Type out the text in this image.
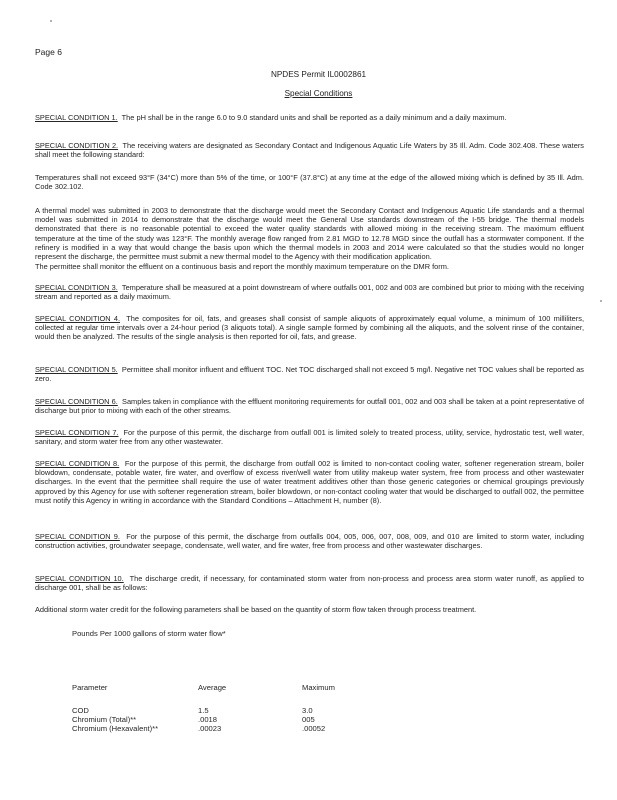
Page 6
NPDES Permit IL0002861
Special Conditions

SPECIAL CONDITION 1. The pH shall be in the range 6.0 to 9.0 standard units and shall be reported as a daily minimum and a daily maximum.

SPECIAL CONDITION 2. The receiving waters are designated as Secondary Contact and Indigenous Aquatic Life Waters by 35 Ill. Adm. Code 302.408. These waters shall meet the following standard:

Temperatures shall not exceed 93°F (34°C) more than 5% of the time, or 100°F (37.8°C) at any time at the edge of the allowed mixing which is defined by 35 Ill. Adm. Code 302.102.

A thermal model was submitted in 2003 to demonstrate that the discharge would meet the Secondary Contact and Indigenous Aquatic Life standards and a thermal model was submitted in 2014 to demonstrate that the discharge would meet the General Use standards downstream of the I-55 bridge. The thermal models demonstrated that there is no reasonable potential to exceed the water quality standards with allowed mixing in the receiving stream. The maximum effluent temperature at the time of the study was 123°F. The monthly average flow ranged from 2.81 MGD to 12.78 MGD since the outfall has a stormwater component. If the refinery is modified in a way that would change the basis upon which the thermal models in 2003 and 2014 were calculated so that the studies would no longer represent the discharge, the permittee must submit a new thermal model to the Agency with their modification application.

The permittee shall monitor the effluent on a continuous basis and report the monthly maximum temperature on the DMR form.

SPECIAL CONDITION 3. Temperature shall be measured at a point downstream of where outfalls 001, 002 and 003 are combined but prior to mixing with the receiving stream and reported as a daily maximum.

SPECIAL CONDITION 4. The composites for oil, fats, and greases shall consist of sample aliquots of approximately equal volume, a minimum of 100 milliliters, collected at regular time intervals over a 24-hour period (3 aliquots total). A single sample formed by combining all the aliquots, and the solvent rinse of the container, would then be analyzed. The results of the single analysis is then reported for oil, fats, and grease.

SPECIAL CONDITION 5. Permittee shall monitor influent and effluent TOC. Net TOC discharged shall not exceed 5 mg/l. Negative net TOC values shall be reported as zero.

SPECIAL CONDITION 6. Samples taken in compliance with the effluent monitoring requirements for outfall 001, 002 and 003 shall be taken at a point representative of discharge but prior to mixing with each of the other streams.

SPECIAL CONDITION 7. For the purpose of this permit, the discharge from outfall 001 is limited solely to treated process, utility, service, hydrostatic test, well water, sanitary, and storm water free from any other wastewater.

SPECIAL CONDITION 8. For the purpose of this permit, the discharge from outfall 002 is limited to non-contact cooling water, softener regeneration stream, boiler blowdown, condensate, potable water, fire water, and overflow of excess river/well water from utility makeup water system, free from process and other wastewater discharges. In the event that the permittee shall require the use of water treatment additives other than those generic categories or chemical groupings previously approved by this Agency for use with softener regeneration stream, boiler blowdown, or non-contact cooling water that would be discharged to outfall 002, the permittee must notify this Agency in writing in accordance with the Standard Conditions – Attachment H, number (8).

SPECIAL CONDITION 9. For the purpose of this permit, the discharge from outfalls 004, 005, 006, 007, 008, 009, and 010 are limited to storm water, including construction activities, groundwater seepage, condensate, well water, and fire water, free from process and other wastewater discharges.

SPECIAL CONDITION 10. The discharge credit, if necessary, for contaminated storm water from non-process and process area storm water runoff, as applied to discharge 001, shall be as follows:

Additional storm water credit for the following parameters shall be based on the quantity of storm flow taken through process treatment.

Pounds Per 1000 gallons of storm water flow*
Parameter	Average	Maximum
COD	1.5	3.0
Chromium (Total)**	.0018	005
Chromium (Hexavalent)**	.00023	.00052
